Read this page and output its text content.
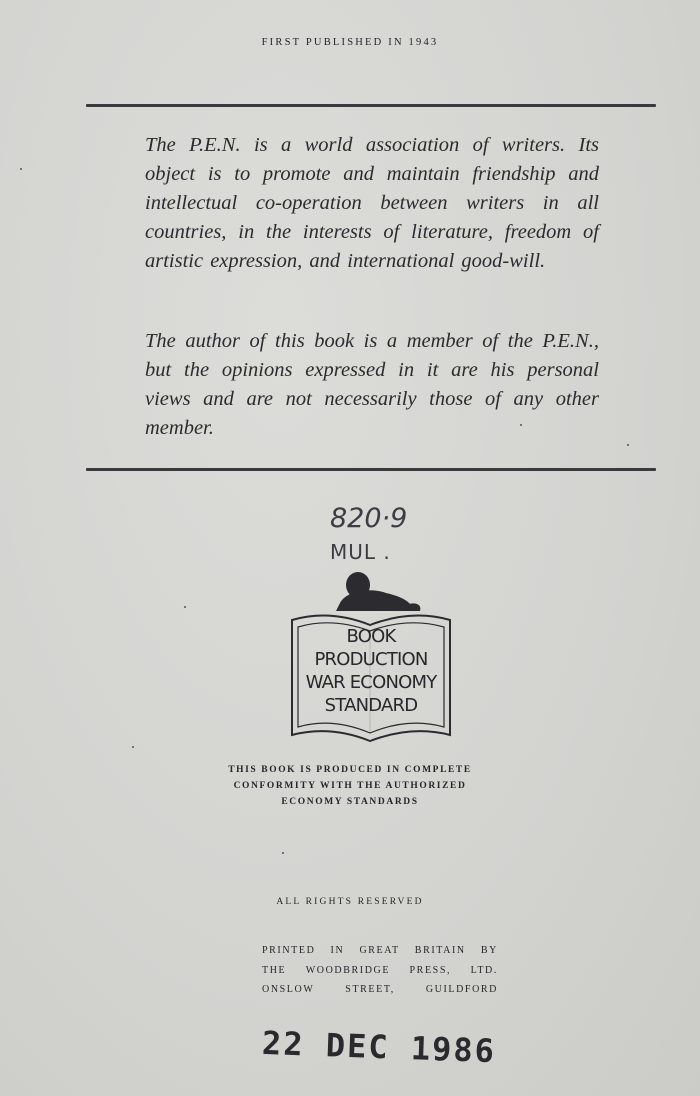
FIRST PUBLISHED IN 1943
The P.E.N. is a world association of writers. Its object is to promote and maintain friendship and intellectual co-operation between writers in all countries, in the interests of literature, freedom of artistic expression, and international good-will.
The author of this book is a member of the P.E.N., but the opinions expressed in it are his personal views and are not necessarily those of any other member.
820·9
MUL .
BOOK
PRODUCTION
WAR ECONOMY
STANDARD
THIS BOOK IS PRODUCED IN COMPLETE
CONFORMITY WITH THE AUTHORIZED
ECONOMY STANDARDS
ALL RIGHTS RESERVED
PRINTED IN GREAT BRITAIN BY
THE WOODBRIDGE PRESS, LTD.
ONSLOW	STREET,	GUILDFORD
22 DEC 1986
